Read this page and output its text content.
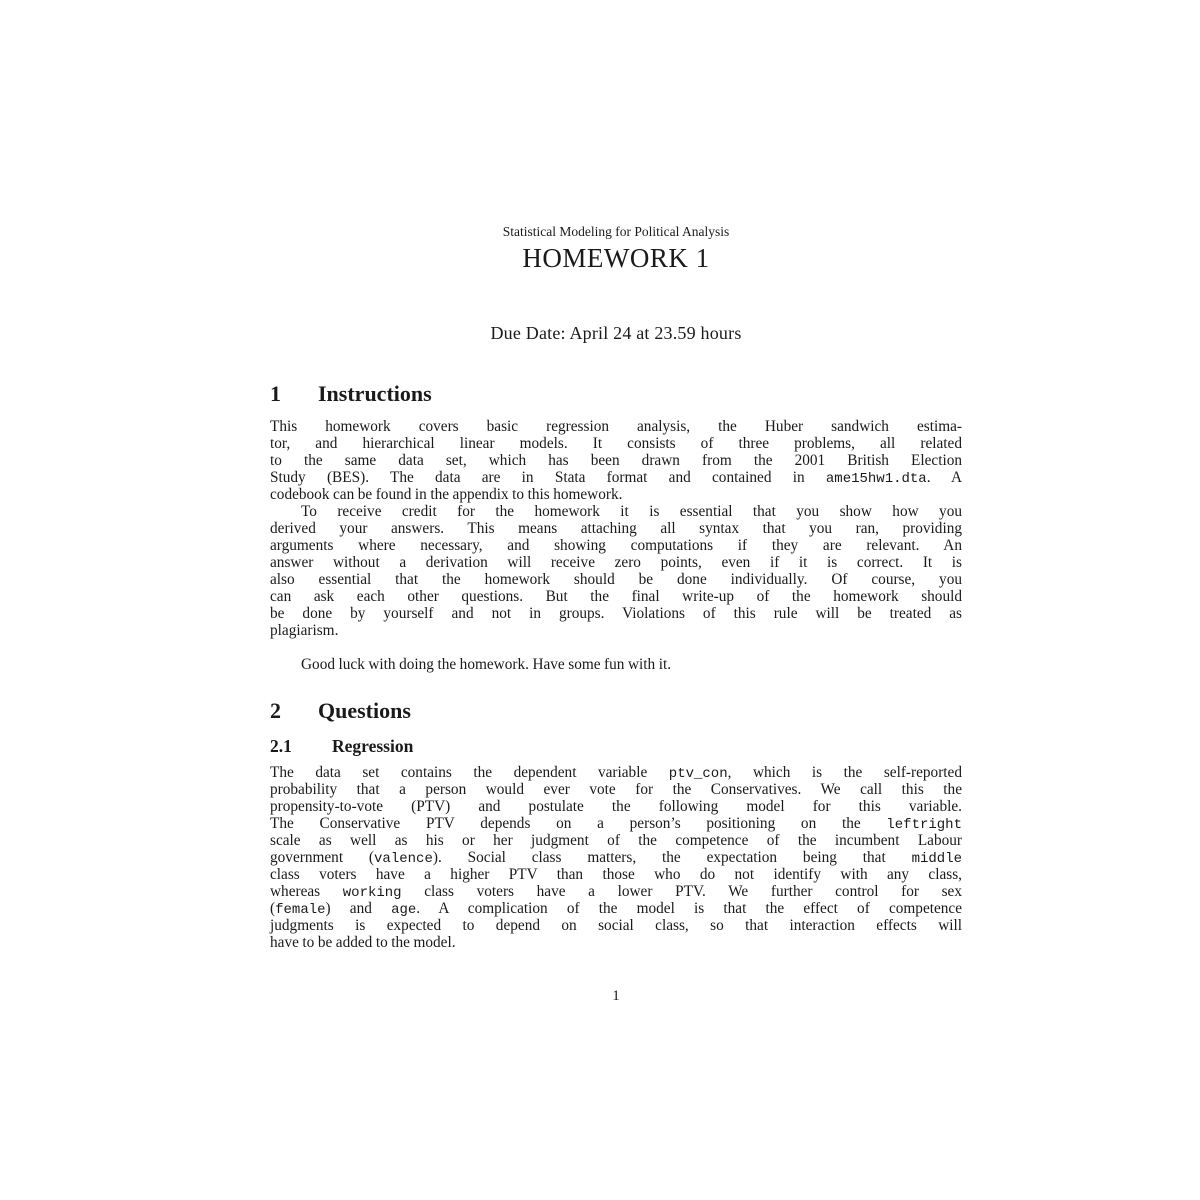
Statistical Modeling for Political Analysis
HOMEWORK 1
Due Date: April 24 at 23.59 hours
1 Instructions
This homework covers basic regression analysis, the Huber sandwich estima-
tor, and hierarchical linear models. It consists of three problems, all related
to the same data set, which has been drawn from the 2001 British Election
Study (BES). The data are in Stata format and contained in ame15hw1.dta. A
codebook can be found in the appendix to this homework.
To receive credit for the homework it is essential that you show how you
derived your answers. This means attaching all syntax that you ran, providing
arguments where necessary, and showing computations if they are relevant. An
answer without a derivation will receive zero points, even if it is correct. It is
also essential that the homework should be done individually. Of course, you
can ask each other questions. But the final write-up of the homework should
be done by yourself and not in groups. Violations of this rule will be treated as
plagiarism.
Good luck with doing the homework. Have some fun with it.
2 Questions
2.1 Regression
The data set contains the dependent variable ptv_con, which is the self-reported
probability that a person would ever vote for the Conservatives. We call this the
propensity-to-vote (PTV) and postulate the following model for this variable.
The Conservative PTV depends on a person’s positioning on the leftright
scale as well as his or her judgment of the competence of the incumbent Labour
government (valence). Social class matters, the expectation being that middle
class voters have a higher PTV than those who do not identify with any class,
whereas working class voters have a lower PTV. We further control for sex
(female) and age. A complication of the model is that the effect of competence
judgments is expected to depend on social class, so that interaction effects will
have to be added to the model.
1
